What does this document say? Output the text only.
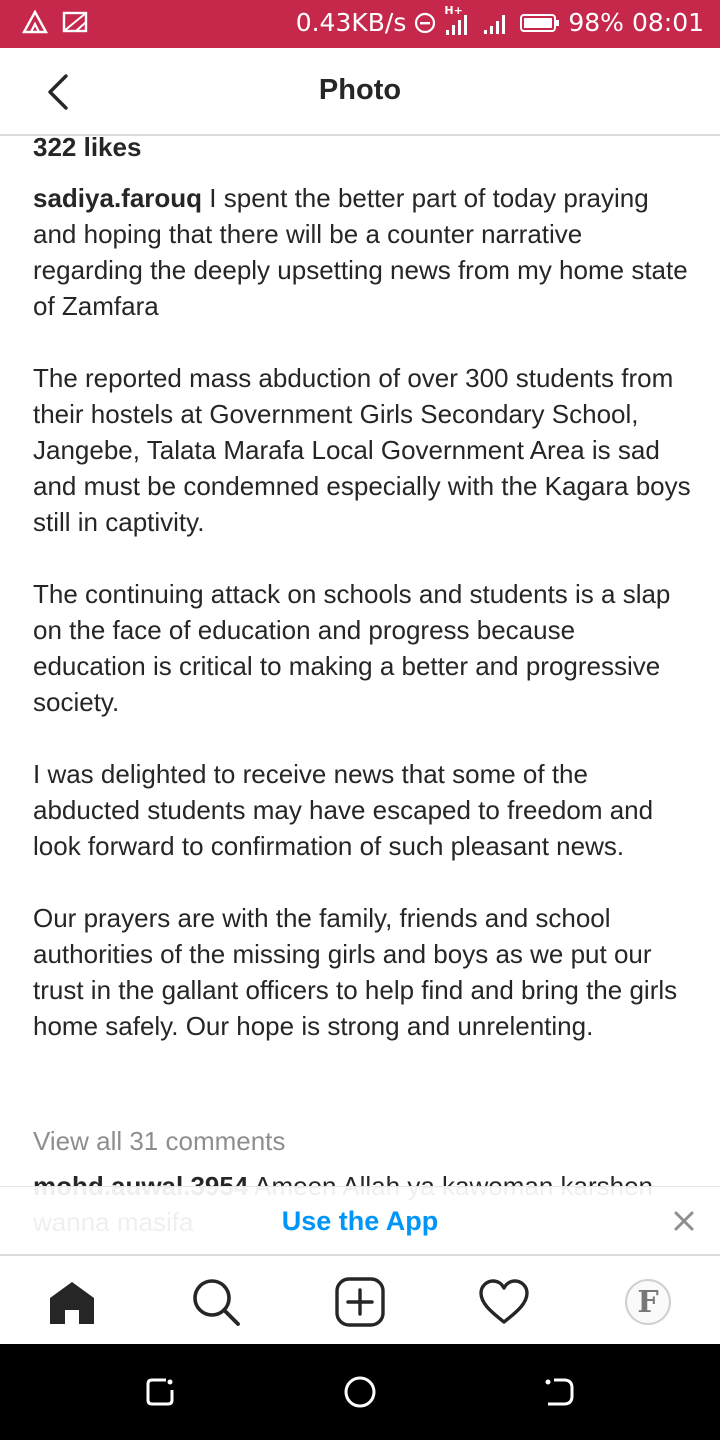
0.43KB/s	H+	98% 08:01
Photo
322 likes

sadiya.farouq I spent the better part of today praying and hoping that there will be a counter narrative regarding the deeply upsetting news from my home state of Zamfara

The reported mass abduction of over 300 students from their hostels at Government Girls Secondary School, Jangebe, Talata Marafa Local Government Area is sad and must be condemned especially with the Kagara boys still in captivity.

The continuing attack on schools and students is a slap on the face of education and progress because education is critical to making a better and progressive society.

I was delighted to receive news that some of the abducted students may have escaped to freedom and look forward to confirmation of such pleasant news.

Our prayers are with the family, friends and school authorities of the missing girls and boys as we put our trust in the gallant officers to help find and bring the girls home safely. Our hope is strong and unrelenting.

View all 31 comments
Use the App
F
